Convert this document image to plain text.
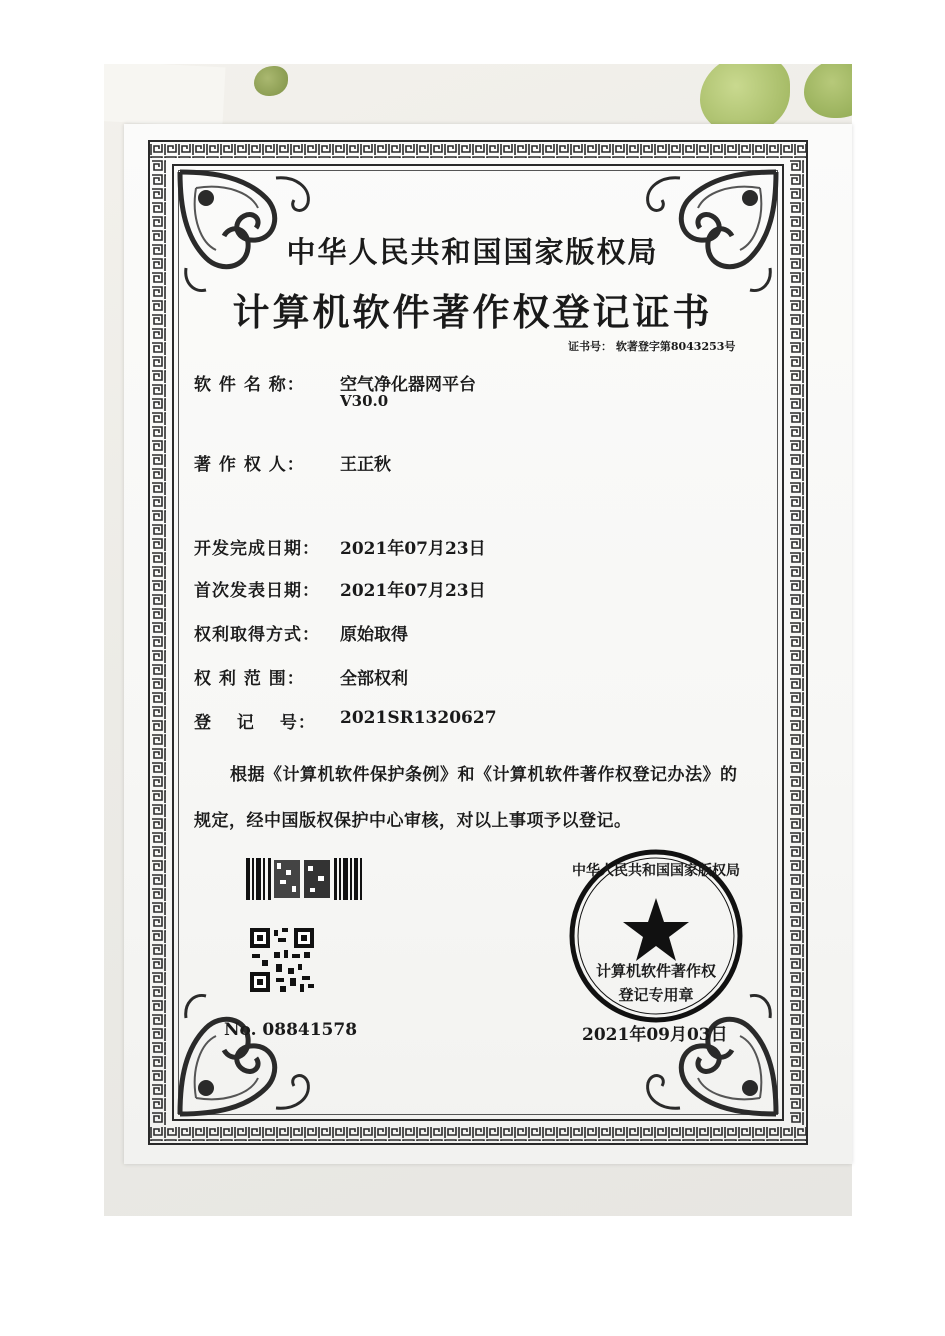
中华人民共和国国家版权局
计算机软件著作权登记证书
证书号： 软著登字第8043253号
软 件 名 称： 空气净化器网平台
V30.0
著 作 权 人： 王正秋
开发完成日期： 2021年07月23日
首次发表日期： 2021年07月23日
权利取得方式： 原始取得
权 利 范 围： 全部权利
登　 记　 号： 2021SR1320627
根据《计算机软件保护条例》和《计算机软件著作权登记办法》的
规定，经中国版权保护中心审核，对以上事项予以登记。
No. 08841578
中华人民共和国国家版权局
计算机软件著作权
登记专用章
2021年09月03日
